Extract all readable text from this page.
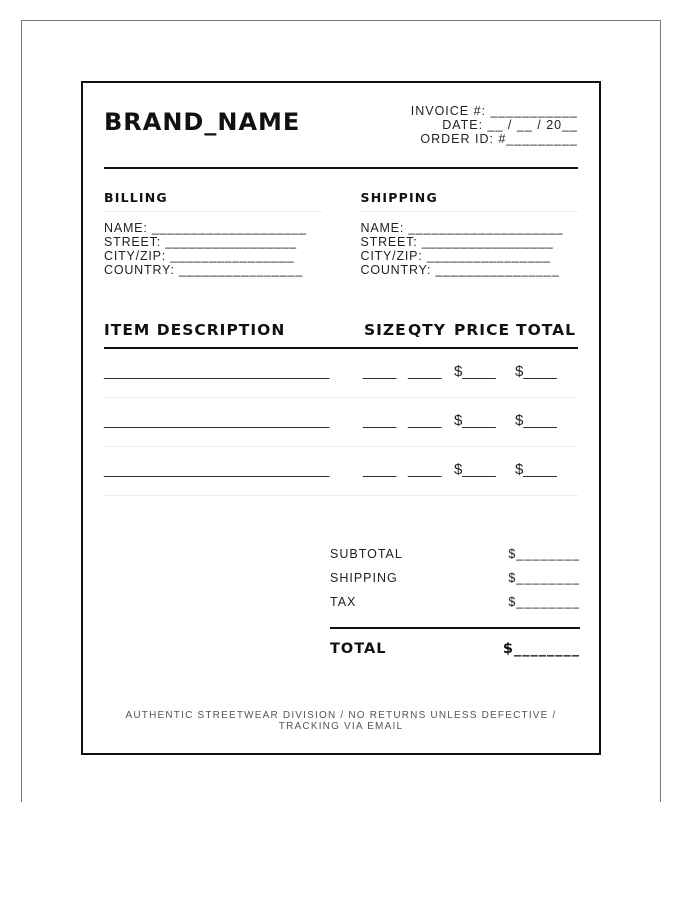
BRAND_NAME	INVOICE #: ___________
DATE: __ / __ / 20__
ORDER ID: #_________
BILLING
NAME: ____________________
STREET: _________________
CITY/ZIP: ________________
COUNTRY: ________________
SHIPPING
NAME: ____________________
STREET: _________________
CITY/ZIP: ________________
COUNTRY: ________________
ITEM DESCRIPTION	SIZE QTY PRICE TOTAL
___________________________ ____ ____ $____ $____
___________________________ ____ ____ $____ $____
___________________________ ____ ____ $____ $____
SUBTOTAL	$________
SHIPPING	$________
TAX	$________
TOTAL	$________
AUTHENTIC STREETWEAR DIVISION / NO RETURNS UNLESS DEFECTIVE /
TRACKING VIA EMAIL
